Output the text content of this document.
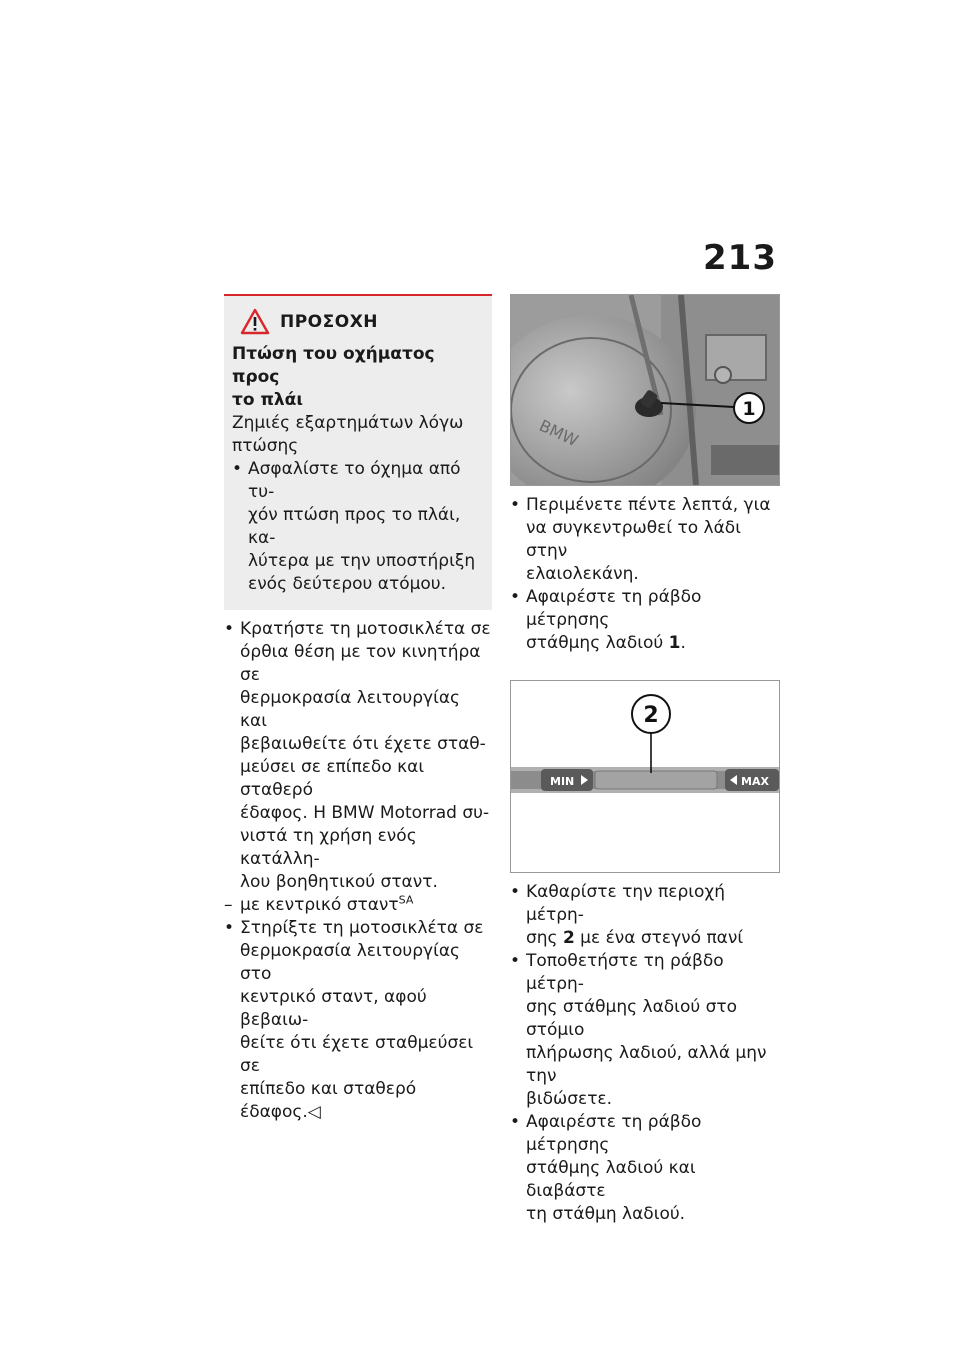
213
ΠΡΟΣΟΧΗ
Πτώση του οχήματος προς
το πλάι
Ζημιές εξαρτημάτων λόγω
πτώσης
• Ασφαλίστε το όχημα από τυ-
χόν πτώση προς το πλάι, κα-
λύτερα με την υποστήριξη
ενός δεύτερου ατόμου.
• Κρατήστε τη μοτοσικλέτα σε
όρθια θέση με τον κινητήρα σε
θερμοκρασία λειτουργίας και
βεβαιωθείτε ότι έχετε σταθ-
μεύσει σε επίπεδο και σταθερό
έδαφος. Η BMW Motorrad συ-
νιστά τη χρήση ενός κατάλλη-
λου βοηθητικού σταντ.
– με κεντρικό σταντ$^{SA}$
• Στηρίξτε τη μοτοσικλέτα σε
θερμοκρασία λειτουργίας στο
κεντρικό σταντ, αφού βεβαιω-
θείτε ότι έχετε σταθμεύσει σε
επίπεδο και σταθερό έδαφος.◁
BMW
1
• Περιμένετε πέντε λεπτά, για
να συγκεντρωθεί το λάδι στην
ελαιολεκάνη.
• Αφαιρέστε τη ράβδο μέτρησης
στάθμης λαδιού 1.
MIN	MAX
2
• Καθαρίστε την περιοχή μέτρη-
σης 2 με ένα στεγνό πανί
• Τοποθετήστε τη ράβδο μέτρη-
σης στάθμης λαδιού στο στόμιο
πλήρωσης λαδιού, αλλά μην την
βιδώσετε.
• Αφαιρέστε τη ράβδο μέτρησης
στάθμης λαδιού και διαβάστε
τη στάθμη λαδιού.
